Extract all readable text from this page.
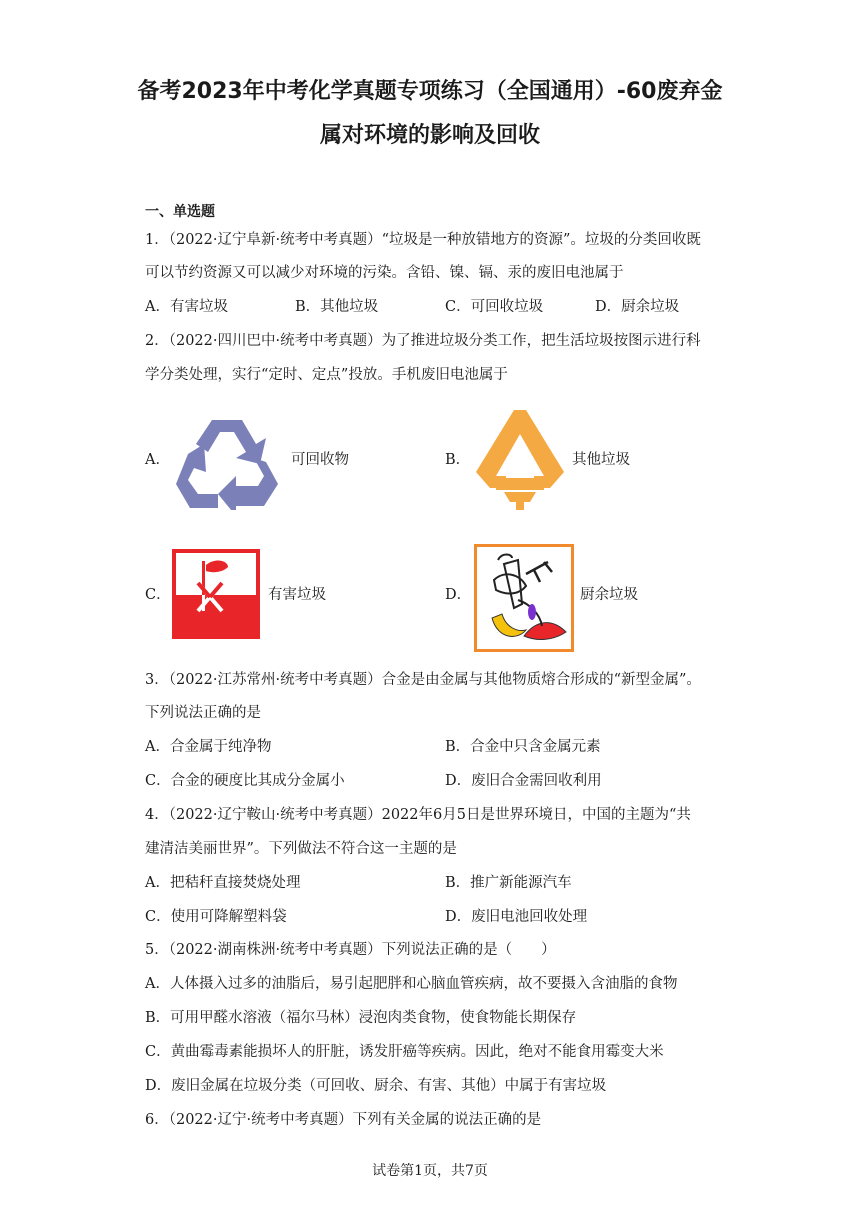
备考2023年中考化学真题专项练习（全国通用）-60废弃金
属对环境的影响及回收
一、单选题
1．（2022·辽宁阜新·统考中考真题）“垃圾是一种放错地方的资源”。垃圾的分类回收既
可以节约资源又可以减少对环境的污染。含铅、镍、镉、汞的废旧电池属于
A．有害垃圾	B．其他垃圾	C．可回收垃圾	D．厨余垃圾
2．（2022·四川巴中·统考中考真题）为了推进垃圾分类工作，把生活垃圾按图示进行科
学分类处理，实行“定时、定点”投放。手机废旧电池属于
A．	可回收物	B．	其他垃圾
C．	有害垃圾	D．	厨余垃圾
3．（2022·江苏常州·统考中考真题）合金是由金属与其他物质熔合形成的“新型金属”。
下列说法正确的是
A．合金属于纯净物	B．合金中只含金属元素
C．合金的硬度比其成分金属小	D．废旧合金需回收利用
4．（2022·辽宁鞍山·统考中考真题）2022年6月5日是世界环境日，中国的主题为“共
建清洁美丽世界”。下列做法不符合这一主题的是
A．把秸秆直接焚烧处理	B．推广新能源汽车
C．使用可降解塑料袋	D．废旧电池回收处理
5．（2022·湖南株洲·统考中考真题）下列说法正确的是（　　）
A．人体摄入过多的油脂后，易引起肥胖和心脑血管疾病，故不要摄入含油脂的食物
B．可用甲醛水溶液（福尔马林）浸泡肉类食物，使食物能长期保存
C．黄曲霉毒素能损坏人的肝脏，诱发肝癌等疾病。因此，绝对不能食用霉变大米
D．废旧金属在垃圾分类（可回收、厨余、有害、其他）中属于有害垃圾
6．（2022·辽宁·统考中考真题）下列有关金属的说法正确的是
试卷第1页，共7页
